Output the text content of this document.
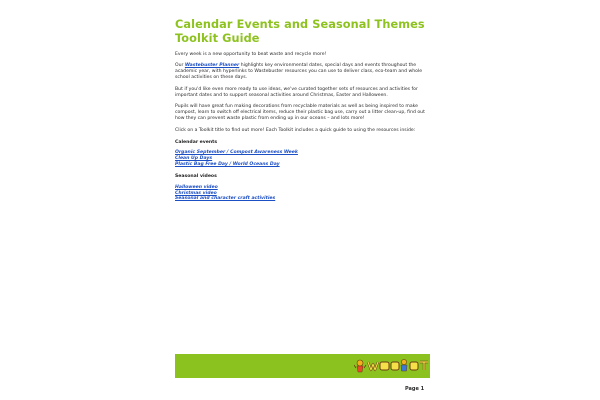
Calendar Events and Seasonal Themes Toolkit Guide

Every week is a new opportunity to beat waste and recycle more!

Our Wastebuster Planner highlights key environmental dates, special days and events throughout the academic year, with hyperlinks to Wastebuster resources you can use to deliver class, eco-team and whole school activities on these days.

But if you'd like even more ready to use ideas, we've curated together sets of resources and activities for important dates and to support seasonal activities around Christmas, Easter and Halloween.

Pupils will have great fun making decorations from recyclable materials as well as being inspired to make compost, learn to switch off electrical items, reduce their plastic bag use, carry out a litter clean-up, find out how they can prevent waste plastic from ending up in our oceans – and lots more!

Click on a Toolkit title to find out more! Each Toolkit includes a quick guide to using the resources inside:

Calendar events
Organic September / Compost Awareness Week
Clean Up Days
Plastic Bag Free Day / World Oceans Day
Seasonal videos
Halloween video
Christmas video
Seasonal and character craft activities
Page 1
